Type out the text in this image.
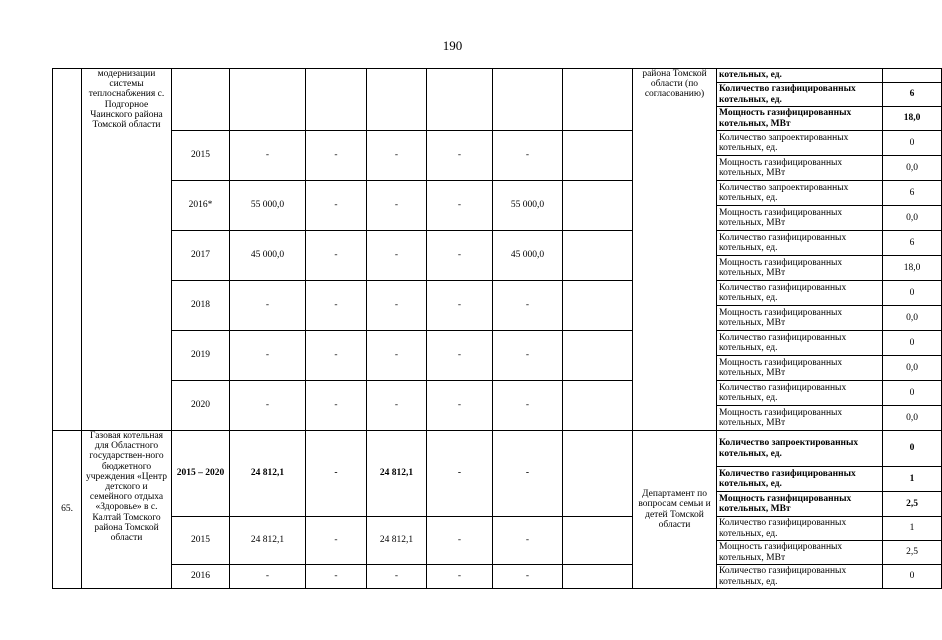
190
	модернизации системы теплоснабжения с. Подгорное Чаинского района Томской области								района Томской области (по согласованию)	котельных, ед.	
										Количество газифицированных котельных, ед.	6
										Мощность газифицированных котельных, МВт	18,0
		2015	-	-	-	-	-			Количество запроектированных котельных, ед.	0
										Мощность газифицированных котельных, МВт	0,0
		2016*	55 000,0	-	-	-	55 000,0			Количество запроектированных котельных, ед.	6
										Мощность газифицированных котельных, МВт	0,0
		2017	45 000,0	-	-	-	45 000,0			Количество газифицированных котельных, ед.	6
										Мощность газифицированных котельных, МВт	18,0
		2018	-	-	-	-	-			Количество газифицированных котельных, ед.	0
										Мощность газифицированных котельных, МВт	0,0
		2019	-	-	-	-	-			Количество газифицированных котельных, ед.	0
										Мощность газифицированных котельных, МВт	0,0
		2020	-	-	-	-	-			Количество газифицированных котельных, ед.	0
										Мощность газифицированных котельных, МВт	0,0
65.	Газовая котельная для Областного государствен-ного бюджетного учреждения «Центр детского и семейного отдыха «Здоровье» в с. Калтай Томского района Томской области	2015 – 2020	24 812,1	-	24 812,1	-	-		Департамент по вопросам семьи и детей Томской области	Количество запроектированных котельных, ед.	0
										Количество газифицированных котельных, ед.	1
										Мощность газифицированных котельных, МВт	2,5
		2015	24 812,1	-	24 812,1	-	-			Количество газифицированных котельных, ед.	1
										Мощность газифицированных котельных, МВт	2,5
		2016	-	-	-	-	-			Количество газифицированных котельных, ед.	0
